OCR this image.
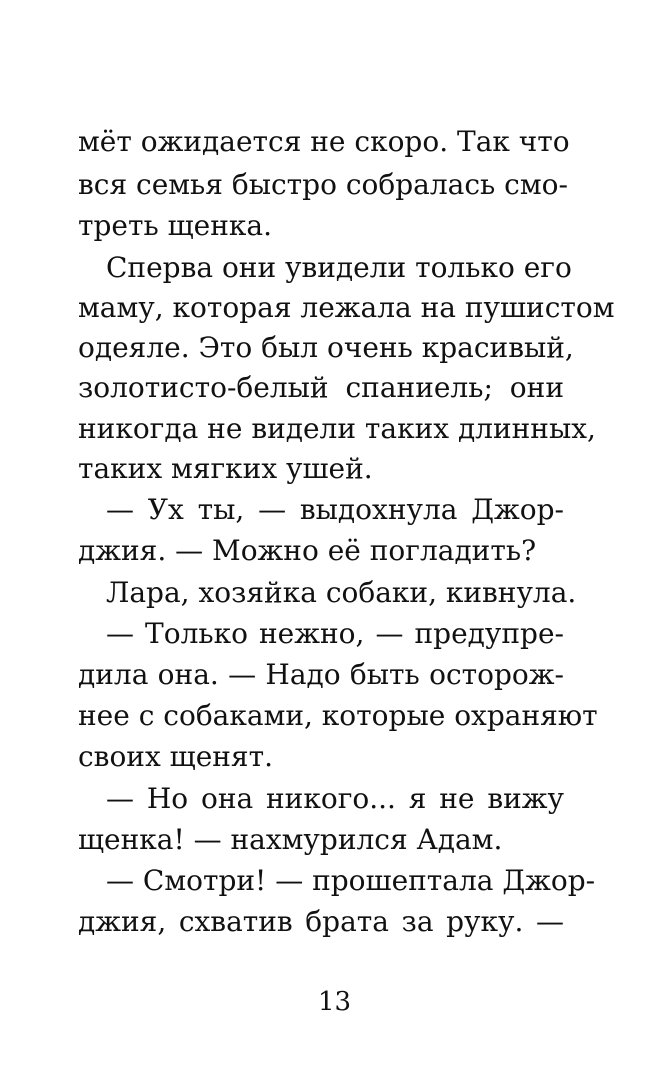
мёт ожидается не скоро. Так что
вся семья быстро собралась смо-
треть щенка.
Сперва они увидели только его
маму, которая лежала на пушистом
одеяле. Это был очень красивый,
золотисто-белый спаниель; они
никогда не видели таких длинных,
таких мягких ушей.
— Ух ты, — выдохнула Джор-
джия. — Можно её погладить?
Лара, хозяйка собаки, кивнула.
— Только нежно, — предупре-
дила она. — Надо быть осторож-
нее с собаками, которые охраняют
своих щенят.
— Но она никого... я не вижу
щенка! — нахмурился Адам.
— Смотри! — прошептала Джор-
джия, схватив брата за руку. —
13
